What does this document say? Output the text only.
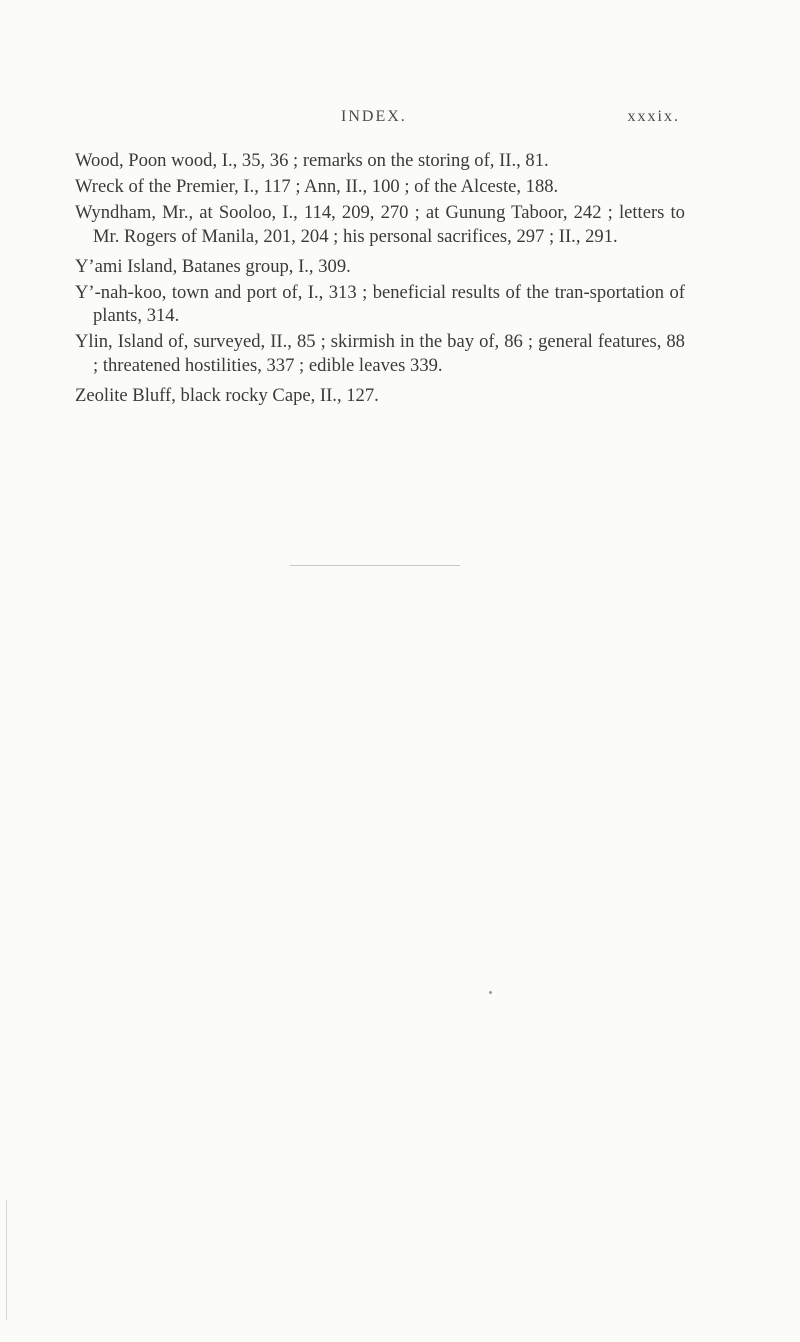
INDEX.	xxxix.

Wood, Poon wood, I., 35, 36 ; remarks on the storing of, II., 81.

Wreck of the Premier, I., 117 ; Ann, II., 100 ; of the Alceste, 188.

Wyndham, Mr., at Sooloo, I., 114, 209, 270 ; at Gunung Taboor, 242 ; letters to Mr. Rogers of Manila, 201, 204 ; his personal sacrifices, 297 ; II., 291.

Y’ami Island, Batanes group, I., 309.

Y’-nah-koo, town and port of, I., 313 ; beneficial results of the tran-sportation of plants, 314.

Ylin, Island of, surveyed, II., 85 ; skirmish in the bay of, 86 ; general features, 88 ; threatened hostilities, 337 ; edible leaves 339.

Zeolite Bluff, black rocky Cape, II., 127.
